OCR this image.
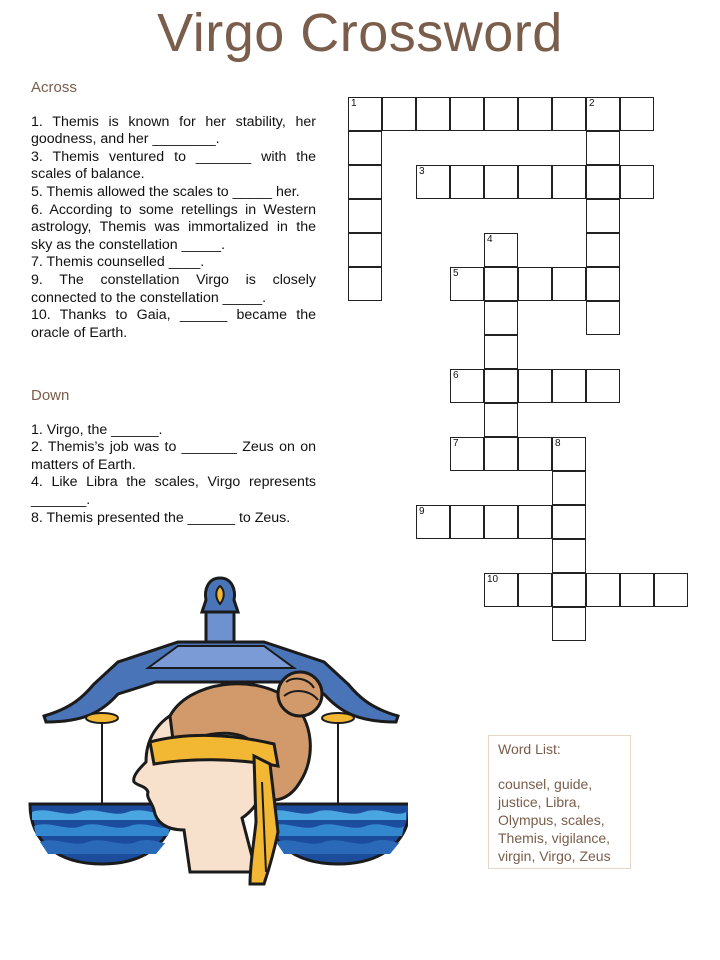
Virgo Crossword
Across
1. Themis is known for her stability, her goodness, and her ________.
3. Themis ventured to _______ with the scales of balance.
5. Themis allowed the scales to _____ her.
6. According to some retellings in Western astrology, Themis was immortalized in the sky as the constellation _____.
7. Themis counselled ____.
9. The constellation Virgo is closely connected to the constellation _____.
10. Thanks to Gaia, ______ became the oracle of Earth.
Down
1. Virgo, the ______.
2. Themis’s job was to _______ Zeus on on matters of Earth.
4. Like Libra the scales, Virgo represents _______.
8. Themis presented the ______ to Zeus.
1	2
3
4
5
6
7	8
9
10
Word List:
counsel, guide,
justice, Libra,
Olympus, scales,
Themis, vigilance,
virgin, Virgo, Zeus
